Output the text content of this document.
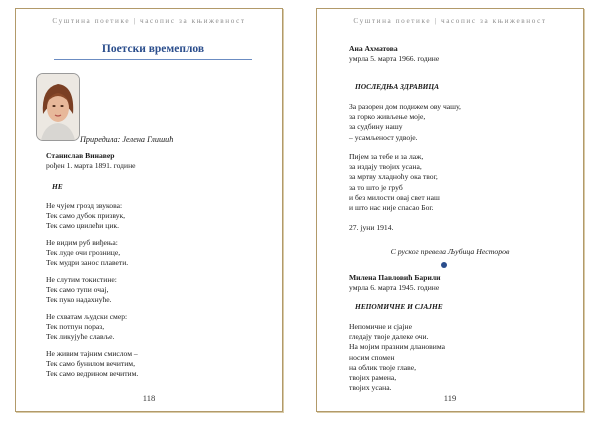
Суштина поетике | часопис за књижевност
Поетски времеплов
Приредила: Јелена Глишић
Станислав Винавер
рођен 1. марта 1891. године
НЕ
Не чујем грозд звукова:
Тек само дубок призвук,
Тек само цвилећи цик.
Не видим руб виђења:
Тек луде очи грознице,
Тек мудри занос плавети.
Не слутим токистине:
Тек само тупи очај,
Тек пуко надахнуће.
Не схватам људски смер:
Тек потпун пораз,
Тек ликујуће славље.
Не живим тајним смислом –
Тек само бунилом вечитим,
Тек само ведрином вечитим.
118
Суштина поетике | часопис за књижевност
Ана Ахматова
умрла 5. марта 1966. године
ПОСЛЕДЊА ЗДРАВИЦА
За разорен дом подижем ову чашу,
за горко живљење моје,
за судбину нашу
– усамљеност удвоје.
Пијем за тебе и за лаж,
за издају твојих усана,
за мртву хладноћу ока твог,
за то што је груб
и без милости овај свет наш
и што нас није спасао Бог.
27. јуни 1914.
С руског превела Љубица Несторов
Милена Павловић Барили
умрла 6. марта 1945. године
НЕПОМИЧНЕ И СЈАЈНЕ
Непомичне и сјајне
гледају твоје далеке очи.
На мојим празним длановима
носим спомен
на облик твоје главе,
твојих рамена,
твојих усана.
119
